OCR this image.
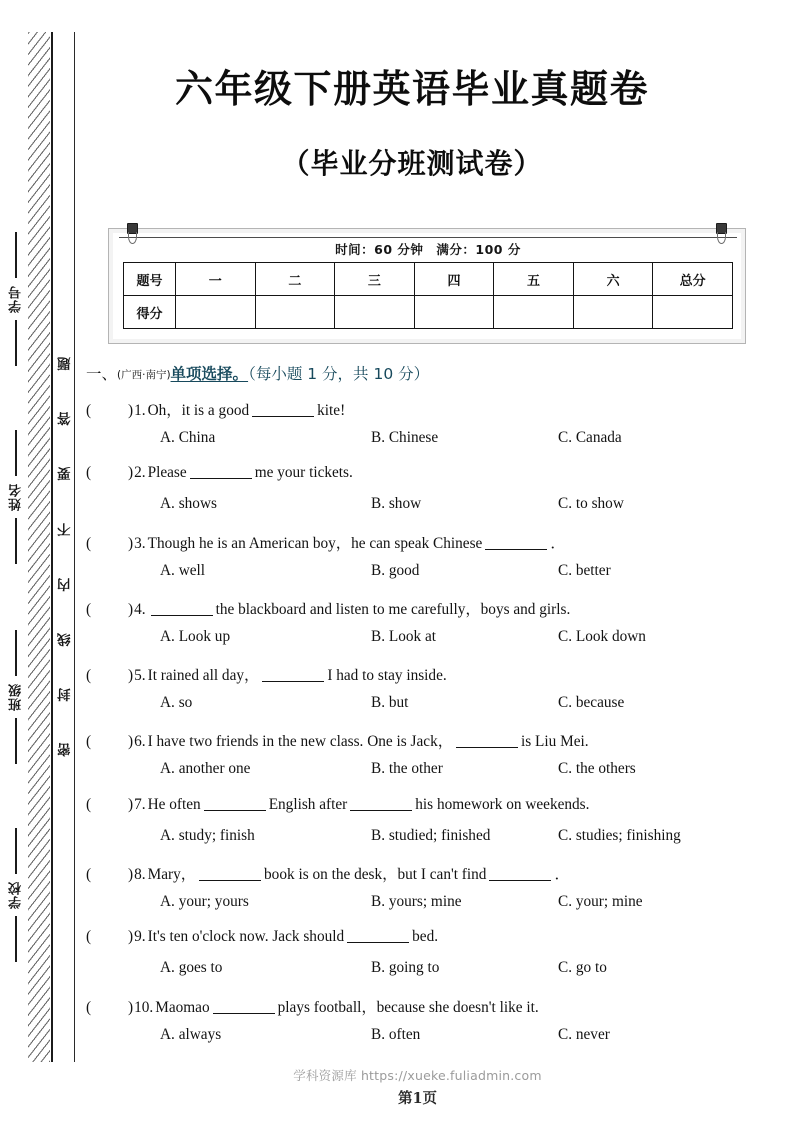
密
封
线
内
不
要
答
题
学号
姓名
班级
学校
六年级下册英语毕业真题卷
（毕业分班测试卷）
时间：60 分钟　满分：100 分
题号	一	二	三	四	五	六	总分
得分							
一、(广西·南宁)单项选择。（每小题 1 分，共 10 分）
( )1. Oh，it is a good	kite!
A. China	B. Chinese	C. Canada
( )2. Please	me your tickets.
A. shows	B. show	C. to show
( )3. Though he is an American boy，he can speak Chinese	．
A. well	B. good	C. better
( )4.	the blackboard and listen to me carefully，boys and girls.
A. Look up	B. Look at	C. Look down
( )5. It rained all day，	I had to stay inside.
A. so	B. but	C. because
( )6. I have two friends in the new class. One is Jack，	is Liu Mei.
A. another one	B. the other	C. the others
( )7. He often	English after	his homework on weekends.
A. study; finish	B. studied; finished	C. studies; finishing
( )8. Mary，	book is on the desk，but I can't find	．
A. your; yours	B. yours; mine	C. your; mine
( )9. It's ten o'clock now. Jack should	bed.
A. goes to	B. going to	C. go to
( )10. Maomao	plays football，because she doesn't like it.
A. always	B. often	C. never
学科资源库 https://xueke.fuliadmin.com
第1页
